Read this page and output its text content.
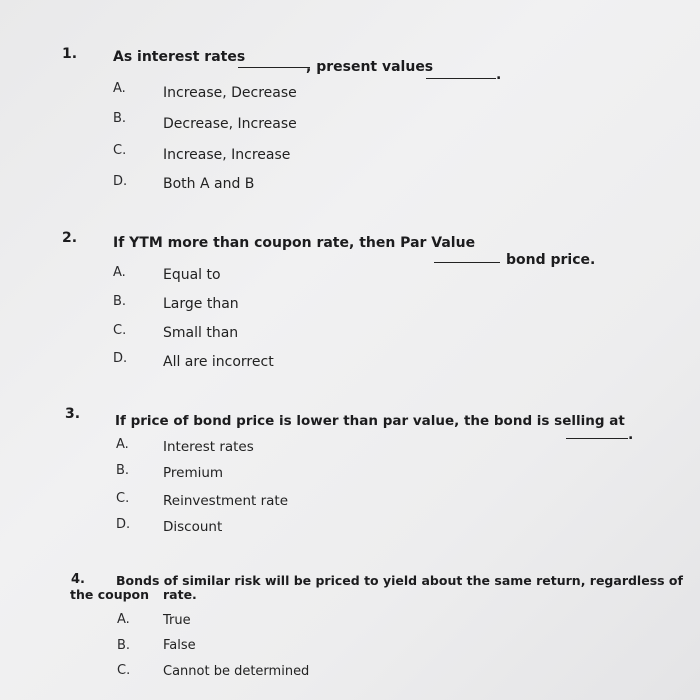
1.	As interest rates
, present values	.
A.	Increase, Decrease
B.	Decrease, Increase
C.	Increase, Increase
D.	Both A and B
2.	If YTM more than coupon rate, then Par Value
bond price.
A.	Equal to
B.	Large than
C.	Small than
D.	All are incorrect
3.	If price of bond price is lower than par value, the bond is selling at
.
A.	Interest rates
B.	Premium
C.	Reinvestment rate
D. Discount
4. Bonds of similar risk will be priced to yield about the same return, regardless of
the coupon rate.
A.	True
B.	False
C.	Cannot be determined
